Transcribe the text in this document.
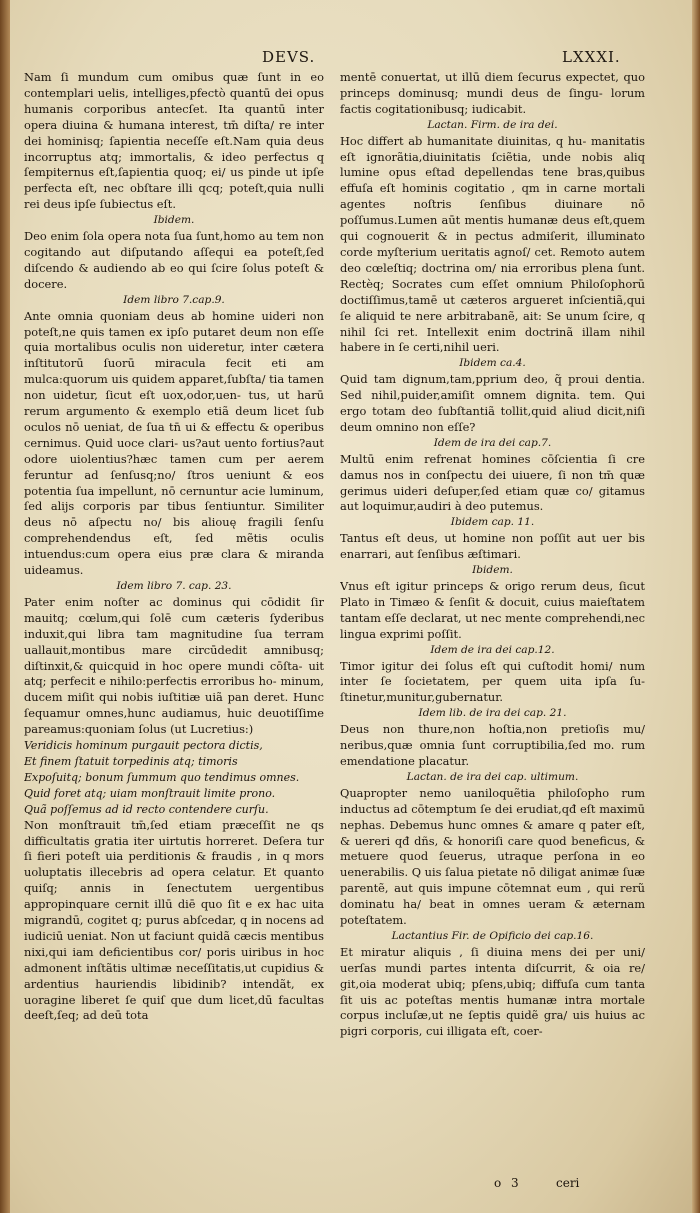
DEVS.	LXXXI.

Nam ſi mundum cum omibus quæ ſunt in eo contemplari uelis, intelliges,pfectò quantū dei opus humanis corporibus antecſet. Ita quantū inter opera diuina & humana interest, tm̄ diſta/ re inter dei hominisq; ſapientia neceſſe eſt.Nam quia deus incorruptus atq; immortalis, & ideo perfectus q ſempiternus eſt,ſapientia quoq; ei/ us pinde ut ipſe perfecta eſt, nec obſtare illi qcq; poteſt,quia nulli rei deus ipſe ſubiectus eſt.

Ibidem.

Deo enim ſola opera nota ſua ſunt,homo au tem non cogitando aut diſputando aſſequi ea poteſt,ſed diſcendo & audiendo ab eo qui ſcire ſolus poteſt & docere.

Idem libro 7.cap.9.

Ante omnia quoniam deus ab homine uideri non poteſt,ne quis tamen ex ipſo putaret deum non eſſe quia mortalibus oculis non uideretur, inter cætera inſtitutorū ſuorū miracula fecit eti am mulca:quorum uis quidem apparet,ſubſta/ tia tamen non uidetur, ſicut eſt uox,odor,uen- tus, ut harū rerum argumento & exemplo etiã deum licet ſub oculos nō ueniat, de ſua tn̄ ui & effectu & operibus cernimus. Quid uoce clari- us?aut uento fortius?aut odore uiolentius?hæc tamen cum per aerem feruntur ad ſenſusq;no/ ſtros ueniunt & eos potentia ſua impellunt, nō cernuntur acie luminum, ſed alijs corporis par tibus ſentiuntur. Similiter deus nō aſpectu no/ bis aliouę fragili ſenſu comprehendendus eſt, ſed mẽtis oculis intuendus:cum opera eius præ clara & miranda uideamus.

Idem libro 7. cap. 23.

Pater enim noſter ac dominus qui cōdidit ſir mauitq; cœlum,qui ſolē cum cæteris ſyderibus induxit,qui libra tam magnitudine ſua terram uallauit,montibus mare circūdedit amnibusq; diſtinxit,& quicquid in hoc opere mundi cōſta- uit atq; perfecit e nihilo:perfectis erroribus ho- minum, ducem miſit qui nobis iuſtitiæ uiã pan deret. Hunc ſequamur omnes,hunc audiamus, huic deuotiſſime pareamus:quoniam ſolus (ut Lucretius:)

Veridicis hominum purgauit pectora dictis,

Et finem ſtatuit torpedinis atq; timoris

Expoſuitq; bonum ſummum quo tendimus omnes.

Quid foret atq; uiam monſtrauit limite prono.

Quã poſſemus ad id recto contendere curſu.

Non monſtrauit tm̄,ſed etiam præceſſit ne qs difficultatis gratia iter uirtutis horreret. Deſera tur ſi fieri poteſt uia perditionis & fraudis , in q mors uoluptatis illecebris ad opera celatur. Et quanto quiſq; annis in ſenectutem uergentibus appropinquare cernit illū diē quo ſit e ex hac uita migrandū, cogitet q; purus abſcedar, q in nocens ad iudiciū ueniat. Non ut faciunt quidã cæcis mentibus nixi,qui iam deficientibus cor/ poris uiribus in hoc admonent inſtãtis ultimæ neceſſitatis,ut cupidius & ardentius hauriendis libidinib? intendãt, ex uoragine liberet ſe quiſ que dum licet,dū facultas deeſt,ſeq; ad deū tota

mentē conuertat, ut illū diem ſecurus expectet, quo princeps dominusq; mundi deus de ſingu- lorum factis cogitationibusq; iudicabit.

Lactan. Firm. de ira dei.

Hoc differt ab humanitate diuinitas, q hu- manitatis eſt ignorãtia,diuinitatis ſciẽtia, unde nobis aliq lumine opus eſtad depellendas tene bras,quibus effuſa eſt hominis cogitatio , qm in carne mortali agentes noſtris ſenſibus diuinare nō poſſumus.Lumen aūt mentis humanæ deus eſt,quem qui cognouerit & in pectus admiſerit, illuminato corde myſterium ueritatis agnoſ/ cet. Remoto autem deo cœleſtiq; doctrina om/ nia erroribus plena ſunt. Rectèq; Socrates cum eſſet omnium Philoſophorū doctiſſimus,tamē ut cæteros argueret inſcientiã,qui ſe aliquid te nere arbitrabanẽ, ait: Se unum ſcire, q nihil ſci ret. Intellexit enim doctrinã illam nihil habere in ſe certi,nihil ueri.

Ibidem ca.4.

Quid tam dignum,tam,pprium deo, q̃ proui dentia. Sed nihil,puider,amiſit omnem dignita. tem. Qui ergo totam deo ſubſtantiã tollit,quid aliud dicit,niſi deum omnino non eſſe?

Idem de ira dei cap.7.

Multū enim refrenat homines cōſcientia ſi cre damus nos in conſpectu dei uiuere, ſi non tm̄ quæ gerimus uideri deſuper,ſed etiam quæ co/ gitamus aut loquimur,audiri à deo putemus.

Ibidem cap. 11.

Tantus eſt deus, ut homine non poſſit aut uer bis enarrari, aut ſenſibus æſtimari.

Ibidem.

Vnus eſt igitur princeps & origo rerum deus, ſicut Plato in Timæo & ſenſit & docuit, cuius maieſtatem tantam eſſe declarat, ut nec mente comprehendi,nec lingua exprimi poſſit.

Idem de ira dei cap.12.

Timor igitur dei ſolus eſt qui cuſtodit homi/ num inter ſe ſocietatem, per quem uita ipſa ſu- ſtinetur,munitur,gubernatur.

Idem lib. de ira dei cap. 21.

Deus non thure,non hoſtia,non pretioſis mu/ neribus,quæ omnia ſunt corruptibilia,ſed mo. rum emendatione placatur.

Lactan. de ira dei cap. ultimum.

Quapropter nemo uaniloquẽtia philoſopho rum inductus ad cōtemptum ſe dei erudiat,qđ eſt maximū nephas. Debemus hunc omnes & amare q pater eſt, & uereri qđ dñs, & honoriſi care quod beneficus, & metuere quod ſeuerus, utraque perſona in eo uenerabilis. Q uis ſalua pietate nō diligat animæ ſuæ parentẽ, aut quis impune cōtemnat eum , qui rerũ dominatu ha/ beat in omnes ueram & æternam poteſtatem.

Lactantius Fir. de Opificio dei cap.16.

Et miratur aliquis , ſi diuina mens dei per uni/ uerſas mundi partes intenta diſcurrit, & oia re/ git,oia moderat ubiq; pſens,ubiq; diffuſa cum tanta ſit uis ac poteſtas mentis humanæ intra mortale corpus incluſæ,ut ne ſeptis quidẽ gra/ uis huius ac pigri corporis, cui illigata eſt, coer-

o 3	ceri
